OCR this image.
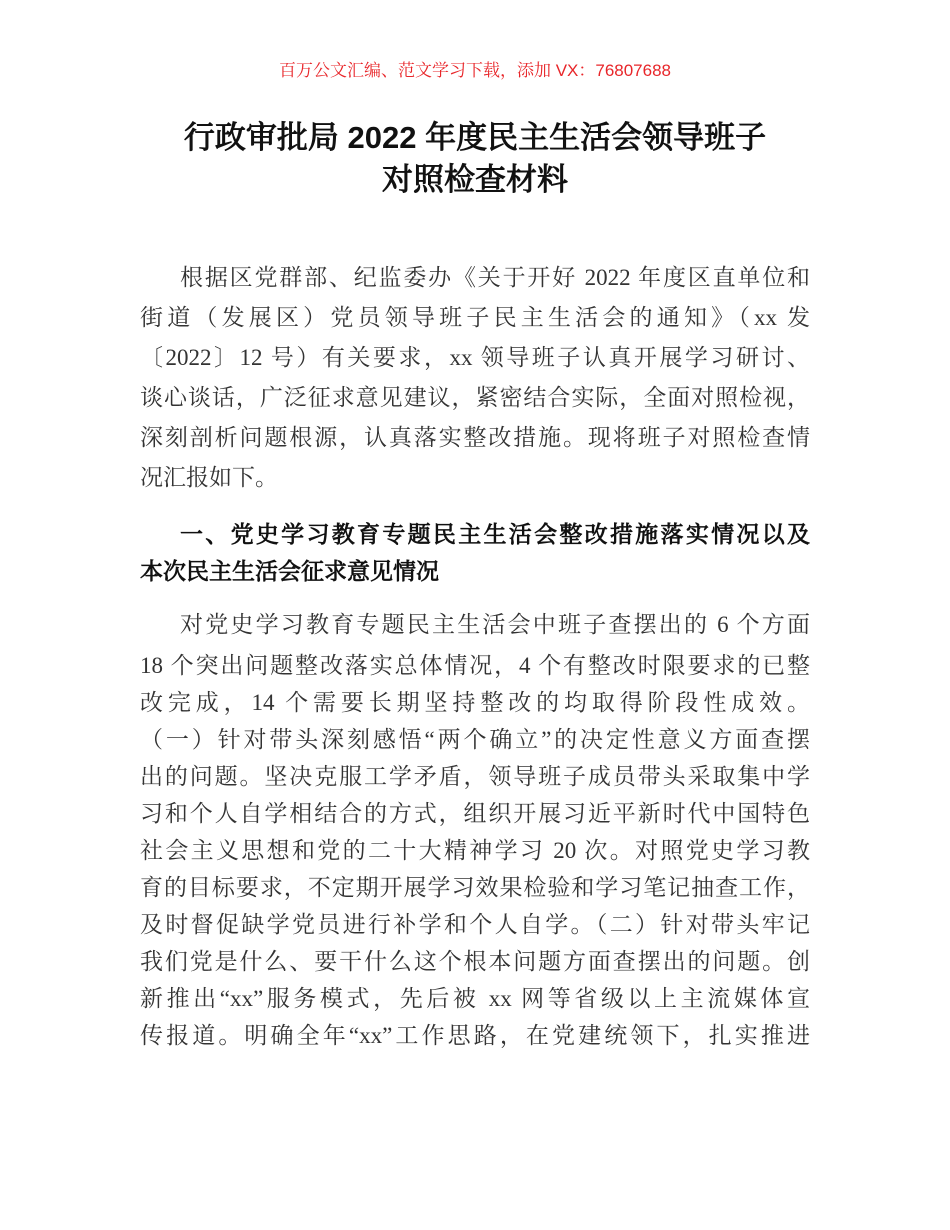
百万公文汇编、范文学习下载，添加 VX：76807688
行政审批局 2022 年度民主生活会领导班子
对照检查材料
根据区党群部、纪监委办《关于开好 2022 年度区直单位和
街道（发展区）党员领导班子民主生活会的通知》（xx 发
〔2022〕12 号）有关要求，xx 领导班子认真开展学习研讨、
谈心谈话，广泛征求意见建议，紧密结合实际，全面对照检视，
深刻剖析问题根源，认真落实整改措施。现将班子对照检查情
况汇报如下。
一、党史学习教育专题民主生活会整改措施落实情况以及
本次民主生活会征求意见情况
对党史学习教育专题民主生活会中班子查摆出的 6 个方面
18 个突出问题整改落实总体情况，4 个有整改时限要求的已整
改完成，14 个需要长期坚持整改的均取得阶段性成效。
（一）针对带头深刻感悟“两个确立”的决定性意义方面查摆
出的问题。坚决克服工学矛盾，领导班子成员带头采取集中学
习和个人自学相结合的方式，组织开展习近平新时代中国特色
社会主义思想和党的二十大精神学习 20 次。对照党史学习教
育的目标要求，不定期开展学习效果检验和学习笔记抽查工作，
及时督促缺学党员进行补学和个人自学。（二）针对带头牢记
我们党是什么、要干什么这个根本问题方面查摆出的问题。创
新推出“xx”服务模式，先后被 xx 网等省级以上主流媒体宣
传报道。明确全年“xx”工作思路，在党建统领下，扎实推进
